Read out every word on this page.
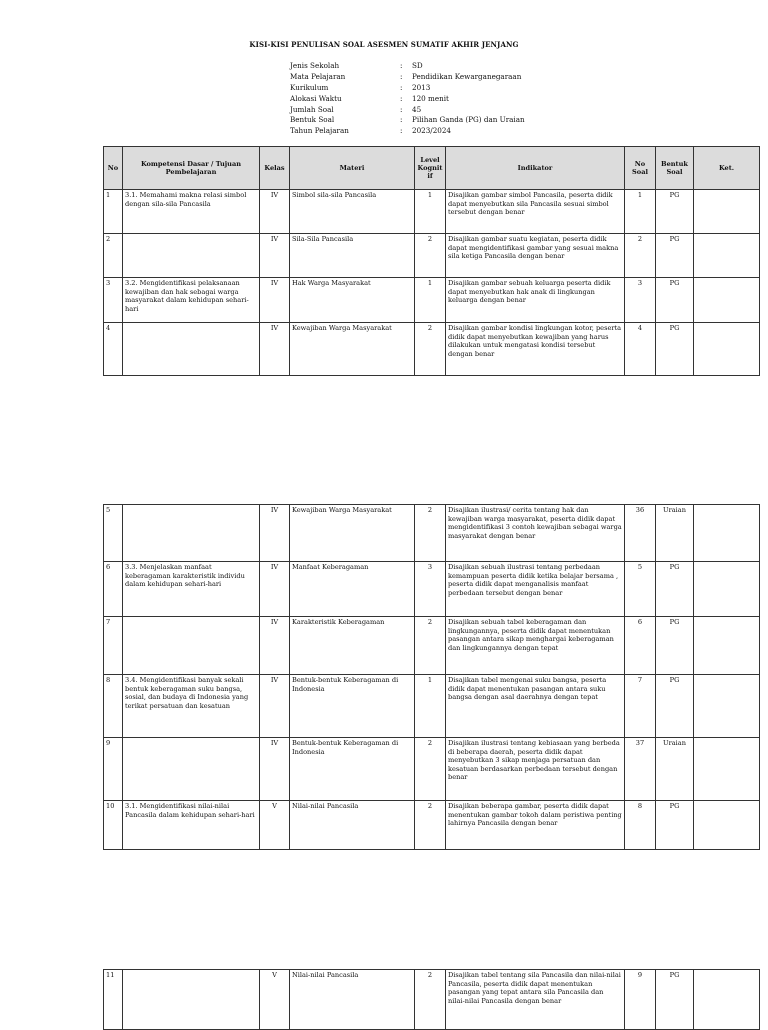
KISI-KISI PENULISAN SOAL ASESMEN SUMATIF AKHIR JENJANG
Jenis Sekolah	:	SD
Mata Pelajaran	:	Pendidikan Kewarganegaraan
Kurikulum	:	2013
Alokasi Waktu	:	120 menit
Jumlah Soal	:	45
Bentuk Soal	:	Pilihan Ganda (PG) dan Uraian
Tahun Pelajaran	:	2023/2024
No	Kompetensi Dasar / Tujuan Pembelajaran	Kelas	Materi	Level Kognitif	Indikator	No Soal	Bentuk Soal	Ket.
1	3.1. Memahami makna relasi simbol dengan sila-sila Pancasila	IV	Simbol sila-sila Pancasila	1	Disajikan gambar simbol Pancasila, peserta didik dapat menyebutkan sila Pancasila sesuai simbol tersebut dengan benar	1	PG	
2		IV	Sila-Sila Pancasila	2	Disajikan gambar suatu kegiatan, peserta didik dapat mengidentifikasi gambar yang sesuai makna sila ketiga Pancasila dengan benar	2	PG	
3	3.2. Mengidentifikasi pelaksanaan kewajiban dan hak sebagai warga masyarakat dalam kehidupan sehari-hari	IV	Hak Warga Masyarakat	1	Disajikan gambar sebuah keluarga peserta didik dapat menyebutkan hak anak di lingkungan keluarga dengan benar	3	PG	
4		IV	Kewajiban Warga Masyarakat	2	Disajikan gambar kondisi lingkungan kotor, peserta didik dapat menyebutkan kewajiban yang harus dilakukan untuk mengatasi kondisi tersebut dengan benar	4	PG	
5		IV	Kewajiban Warga Masyarakat	2	Disajikan ilustrasi/ cerita tentang hak dan kewajiban warga masyarakat, peserta didik dapat mengidentifikasi 3 contoh kewajiban sebagai warga masyarakat dengan benar	36	Uraian	
6	3.3. Menjelaskan manfaat keberagaman karakteristik individu dalam kehidupan sehari-hari	IV	Manfaat Keberagaman	3	Disajikan sebuah ilustrasi tentang perbedaan kemampuan peserta didik ketika belajar bersama , peserta didik dapat menganalisis manfaat perbedaan tersebut dengan benar	5	PG	
7		IV	Karakteristik Keberagaman	2	Disajikan sebuah tabel keberagaman dan lingkungannya, peserta didik dapat menentukan pasangan antara sikap menghargai keberagaman dan lingkungannya dengan tepat	6	PG	
8	3.4. Mengidentifikasi banyak sekali bentuk keberagaman suku bangsa, sosial, dan budaya di Indonesia yang terikat persatuan dan kesatuan	IV	Bentuk-bentuk Keberagaman di Indonesia	1	Disajikan tabel mengenai suku bangsa, peserta didik dapat menentukan pasangan antara suku bangsa dengan asal daerahnya dengan tepat	7	PG	
9		IV	Bentuk-bentuk Keberagaman di Indonesia	2	Disajikan ilustrasi tentang kebiasaan yang berbeda di beberapa daerah, peserta didik dapat menyebutkan 3 sikap menjaga persatuan dan kesatuan berdasarkan perbedaan tersebut dengan benar	37	Uraian	
10	3.1. Mengidentifikasi nilai-nilai Pancasila dalam kehidupan sehari-hari	V	Nilai-nilai Pancasila	2	Disajikan beberapa gambar, peserta didik dapat menentukan gambar tokoh dalam peristiwa penting lahirnya Pancasila dengan benar	8	PG	
11		V	Nilai-nilai Pancasila	2	Disajikan tabel tentang sila Pancasila dan nilai-nilai Pancasila, peserta didik dapat menentukan pasangan yang tepat antara sila Pancasila dan nilai-nilai Pancasila dengan benar	9	PG	
